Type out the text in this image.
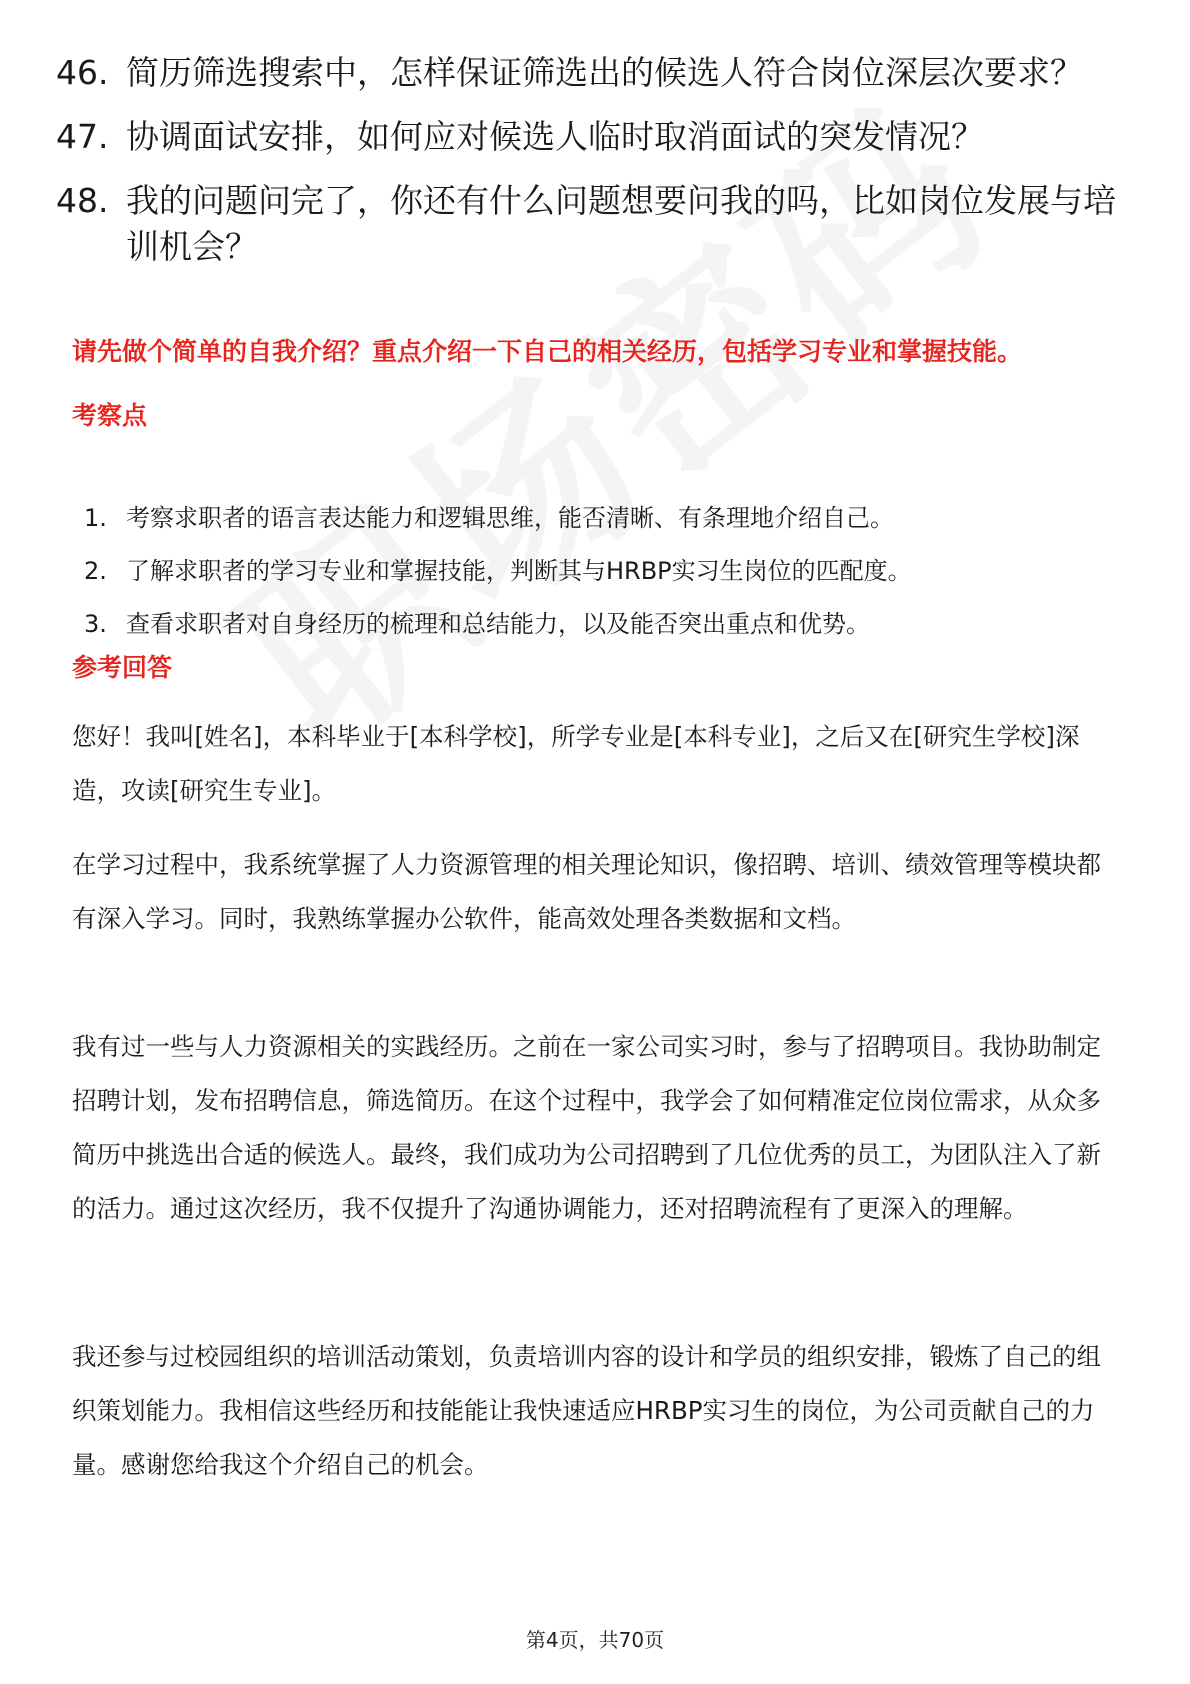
46. 简历筛选搜索中，怎样保证筛选出的候选人符合岗位深层次要求？
47. 协调面试安排，如何应对候选人临时取消面试的突发情况？
48. 我的问题问完了，你还有什么问题想要问我的吗，比如岗位发展与培训机会？

请先做个简单的自我介绍？重点介绍一下自己的相关经历，包括学习专业和掌握技能。

考察点

1. 考察求职者的语言表达能力和逻辑思维，能否清晰、有条理地介绍自己。
2. 了解求职者的学习专业和掌握技能，判断其与HRBP实习生岗位的匹配度。
3. 查看求职者对自身经历的梳理和总结能力，以及能否突出重点和优势。

参考回答

您好！我叫[姓名]，本科毕业于[本科学校]，所学专业是[本科专业]，之后又在[研究生学校]深造，攻读[研究生专业]。

在学习过程中，我系统掌握了人力资源管理的相关理论知识，像招聘、培训、绩效管理等模块都有深入学习。同时，我熟练掌握办公软件，能高效处理各类数据和文档。

我有过一些与人力资源相关的实践经历。之前在一家公司实习时，参与了招聘项目。我协助制定招聘计划，发布招聘信息，筛选简历。在这个过程中，我学会了如何精准定位岗位需求，从众多简历中挑选出合适的候选人。最终，我们成功为公司招聘到了几位优秀的员工，为团队注入了新的活力。通过这次经历，我不仅提升了沟通协调能力，还对招聘流程有了更深入的理解。

我还参与过校园组织的培训活动策划，负责培训内容的设计和学员的组织安排，锻炼了自己的组织策划能力。我相信这些经历和技能能让我快速适应HRBP实习生的岗位，为公司贡献自己的力量。感谢您给我这个介绍自己的机会。

第4页，共70页
